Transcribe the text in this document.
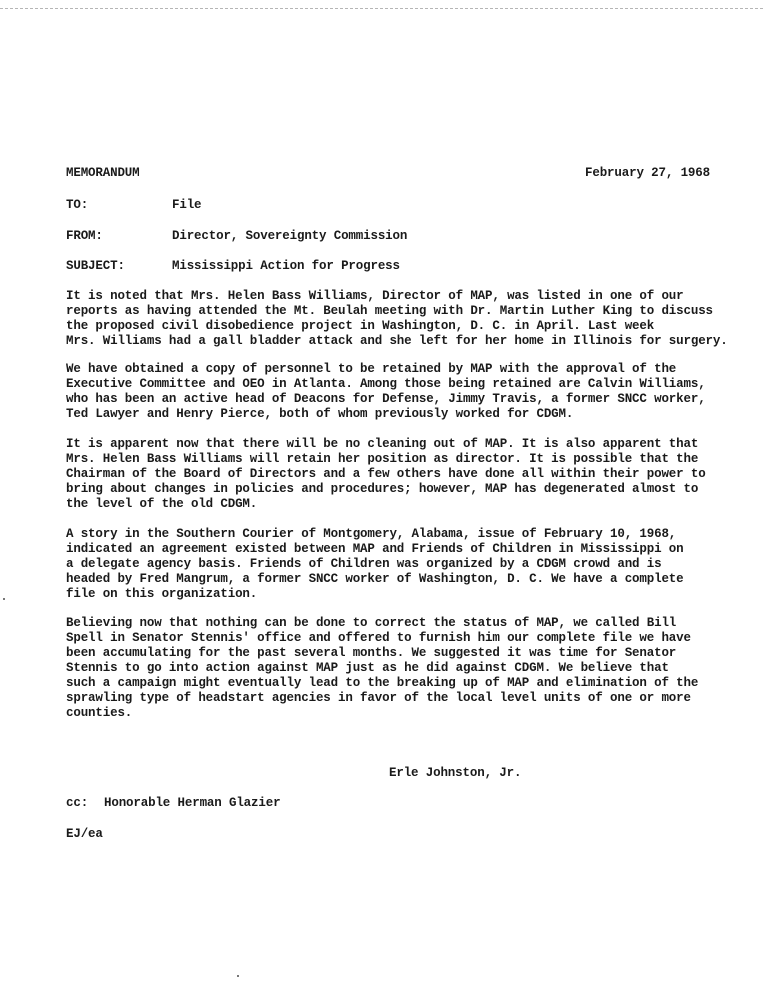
MEMORANDUM	February 27, 1968
TO:	File
FROM:	Director, Sovereignty Commission
SUBJECT:	Mississippi Action for Progress
It is noted that Mrs. Helen Bass Williams, Director of MAP, was listed in one of our
reports as having attended the Mt. Beulah meeting with Dr. Martin Luther King to discuss
the proposed civil disobedience project in Washington, D. C. in April. Last week
Mrs. Williams had a gall bladder attack and she left for her home in Illinois for surgery.
We have obtained a copy of personnel to be retained by MAP with the approval of the
Executive Committee and OEO in Atlanta. Among those being retained are Calvin Williams,
who has been an active head of Deacons for Defense, Jimmy Travis, a former SNCC worker,
Ted Lawyer and Henry Pierce, both of whom previously worked for CDGM.
It is apparent now that there will be no cleaning out of MAP. It is also apparent that
Mrs. Helen Bass Williams will retain her position as director. It is possible that the
Chairman of the Board of Directors and a few others have done all within their power to
bring about changes in policies and procedures; however, MAP has degenerated almost to
the level of the old CDGM.
A story in the Southern Courier of Montgomery, Alabama, issue of February 10, 1968,
indicated an agreement existed between MAP and Friends of Children in Mississippi on
a delegate agency basis. Friends of Children was organized by a CDGM crowd and is
headed by Fred Mangrum, a former SNCC worker of Washington, D. C. We have a complete
file on this organization.
Believing now that nothing can be done to correct the status of MAP, we called Bill
Spell in Senator Stennis' office and offered to furnish him our complete file we have
been accumulating for the past several months. We suggested it was time for Senator
Stennis to go into action against MAP just as he did against CDGM. We believe that
such a campaign might eventually lead to the breaking up of MAP and elimination of the
sprawling type of headstart agencies in favor of the local level units of one or more
counties.
Erle Johnston, Jr.
cc: Honorable Herman Glazier
EJ/ea
